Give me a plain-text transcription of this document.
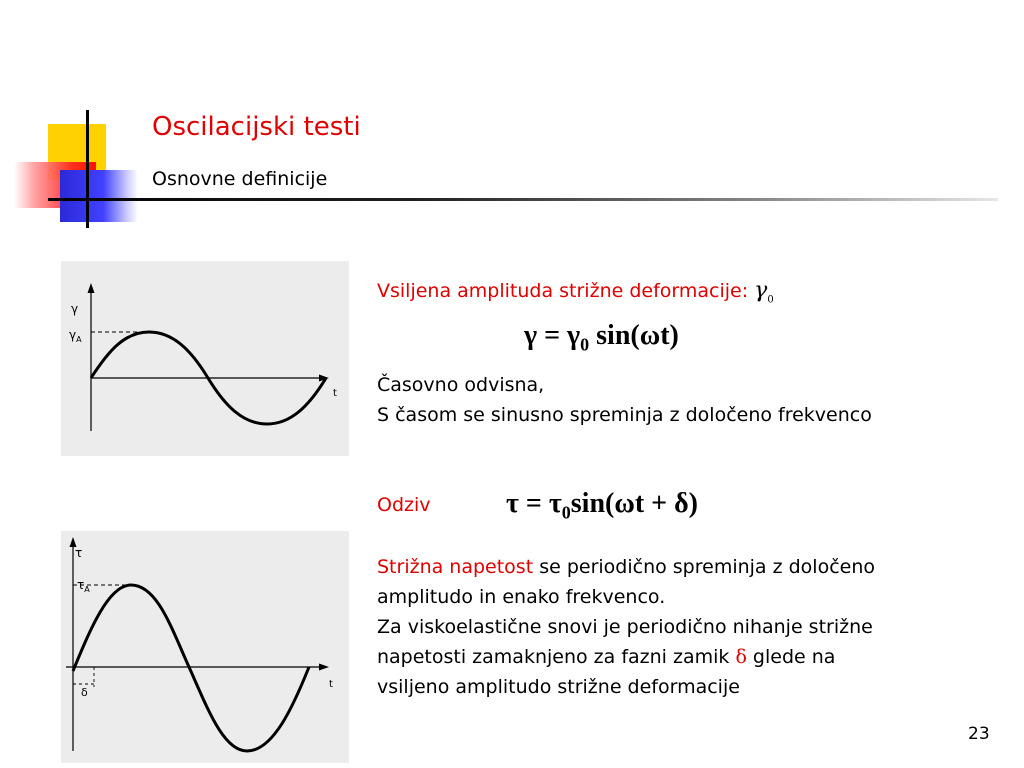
Oscilacijski testi
Osnovne definicije
γ
$\gamma_A$
t
τ
$\tau_A$
δ
t
Vsiljena amplituda strižne deformacije: $\gamma_0$
$\gamma = \gamma_0$ sin(ωt)
Časovno odvisna,
S časom se sinusno spreminja z določeno frekvenco
Odziv	$\tau = \tau_0\sin(\omega t + \delta)$
Strižna napetost se periodično spreminja z določeno
amplitudo in enako frekvenco.
Za viskoelastične snovi je periodično nihanje strižne
napetosti zamaknjeno za fazni zamik δ glede na
vsiljeno amplitudo strižne deformacije
23
